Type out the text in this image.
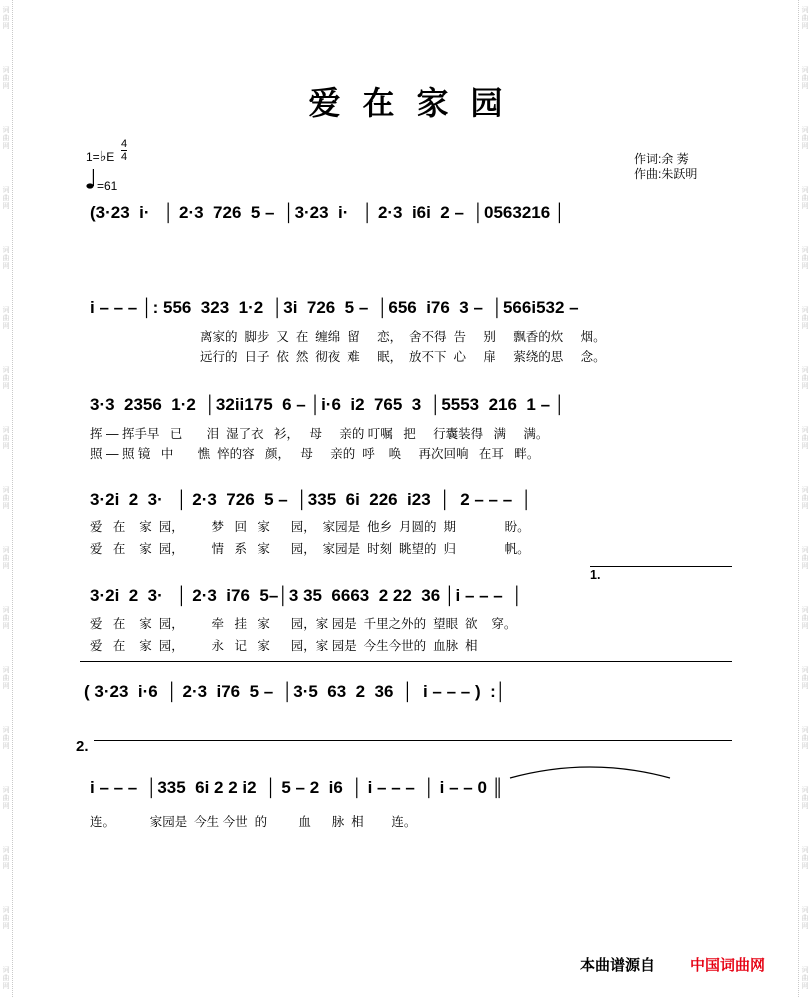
词
曲
网
词
曲
网
词
曲
网
词
曲
网
词
曲
网
词
曲
网
词
曲
网
词
曲
网
词
曲
网
词
曲
网
词
曲
网
词
曲
网
词
曲
网
词
曲
网
词
曲
网
词
曲
网
词
曲
网
词
曲
网
词
曲
网
词
曲
网
词
曲
网
词
曲
网
词
曲
网
词
曲
网
词
曲
网
词
曲
网
词
曲
网
词
曲
网
词
曲
网
词
曲
网
词
曲
网
词
曲
网
词
曲
网
词
曲
网
爱在家园
1=♭E
4
4
=61
作词:余 莠
作曲:朱跃明
(3·23  i·   │ 2·3  726  5 –  │3·23  i·   │ 2·3  i6i  2 –  │0563216 │
i – – – │: 556  323  1·2  │3i  726  5 –  │656  i76  3 –  │566i532 –
离家的  脚步  又  在  缠绵  留     恋，  舍不得  告     别     飘香的炊     烟。
远行的  日子  依  然  彻夜  难     眠，  放不下  心     扉     萦绕的思     念。
3·3  2356  1·2  │32ii175  6 – │i·6  i2  765  3  │5553  216  1 – │
挥 — 挥手早   已       泪  湿了衣   衫，   母     亲的 叮嘱   把     行囊装得   满     满。
照 — 照 镜   中       憔  悴的容   颜，   母     亲的  呼    唤     再次回响   在耳   畔。
3·2i  2  3·   │ 2·3  726  5 –  │335  6i  226  i23  │  2 – – –  │
爱   在    家  园，        梦   回   家      园，  家园是  他乡  月圆的  期              盼。
爱   在    家  园，        情   系   家      园，  家园是  时刻  眺望的  归              帆。
1.
3·2i  2  3·   │ 2·3  i76  5–│3 35  6663  2 22  36 │i – – –  │
爱   在    家  园，        牵   挂   家      园，家 园是  千里之外的  望眼  欲    穿。
爱   在    家  园，        永   记   家      园，家 园是  今生今世的  血脉  相
( 3·23  i·6  │ 2·3  i76  5 –  │3·5  63  2  36  │  i – – – )  :│
2.
i – – –  │335  6i 2 2 i2  │ 5 – 2  i6  │ i – – –  │ i – – 0 ║
连。          家园是  今生 今世  的         血      脉  相        连。
本曲谱源自 中国词曲网
